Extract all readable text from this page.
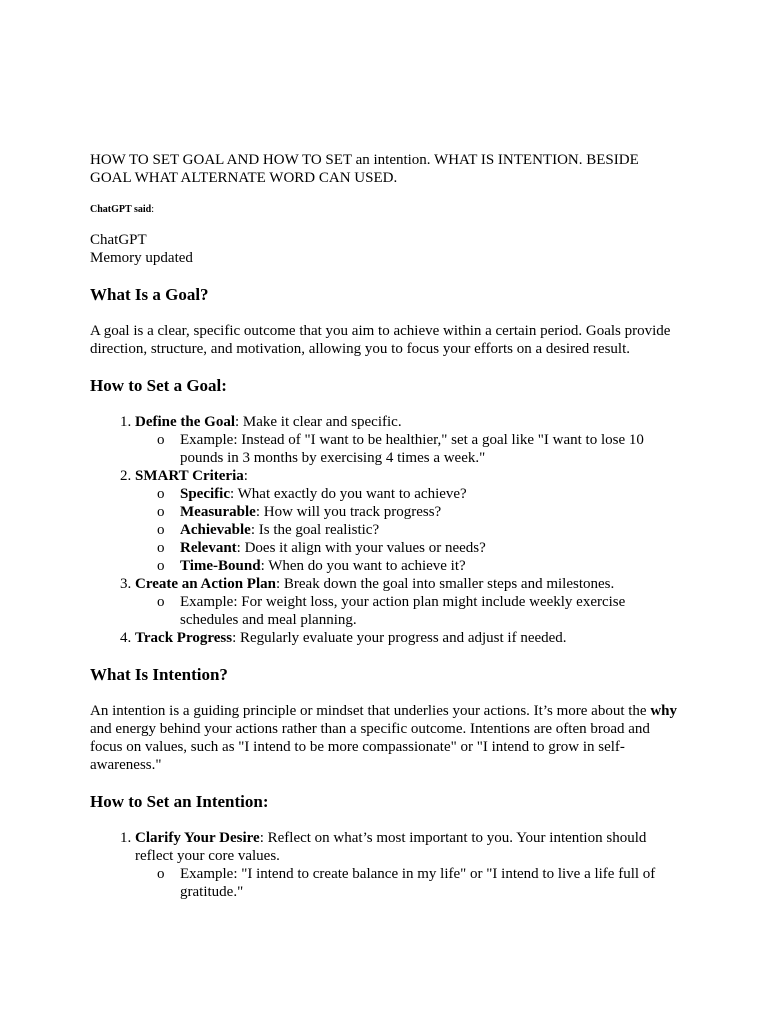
HOW TO SET GOAL AND HOW TO SET an intention. WHAT IS INTENTION. BESIDE GOAL WHAT ALTERNATE WORD CAN USED.

ChatGPT said:

ChatGPT

Memory updated

What Is a Goal?

A goal is a clear, specific outcome that you aim to achieve within a certain period. Goals provide direction, structure, and motivation, allowing you to focus your efforts on a desired result.

How to Set a Goal:
1. Define the Goal: Make it clear and specific.
o Example: Instead of "I want to be healthier," set a goal like "I want to lose 10 pounds in 3 months by exercising 4 times a week."
2. SMART Criteria:
o Specific: What exactly do you want to achieve?
o Measurable: How will you track progress?
o Achievable: Is the goal realistic?
o Relevant: Does it align with your values or needs?
o Time-Bound: When do you want to achieve it?
3. Create an Action Plan: Break down the goal into smaller steps and milestones.
o Example: For weight loss, your action plan might include weekly exercise schedules and meal planning.
4. Track Progress: Regularly evaluate your progress and adjust if needed.
What Is Intention?

An intention is a guiding principle or mindset that underlies your actions. It’s more about the why and energy behind your actions rather than a specific outcome. Intentions are often broad and focus on values, such as "I intend to be more compassionate" or "I intend to grow in self-awareness."

How to Set an Intention:
1. Clarify Your Desire: Reflect on what’s most important to you. Your intention should reflect your core values.
o Example: "I intend to create balance in my life" or "I intend to live a life full of gratitude."
